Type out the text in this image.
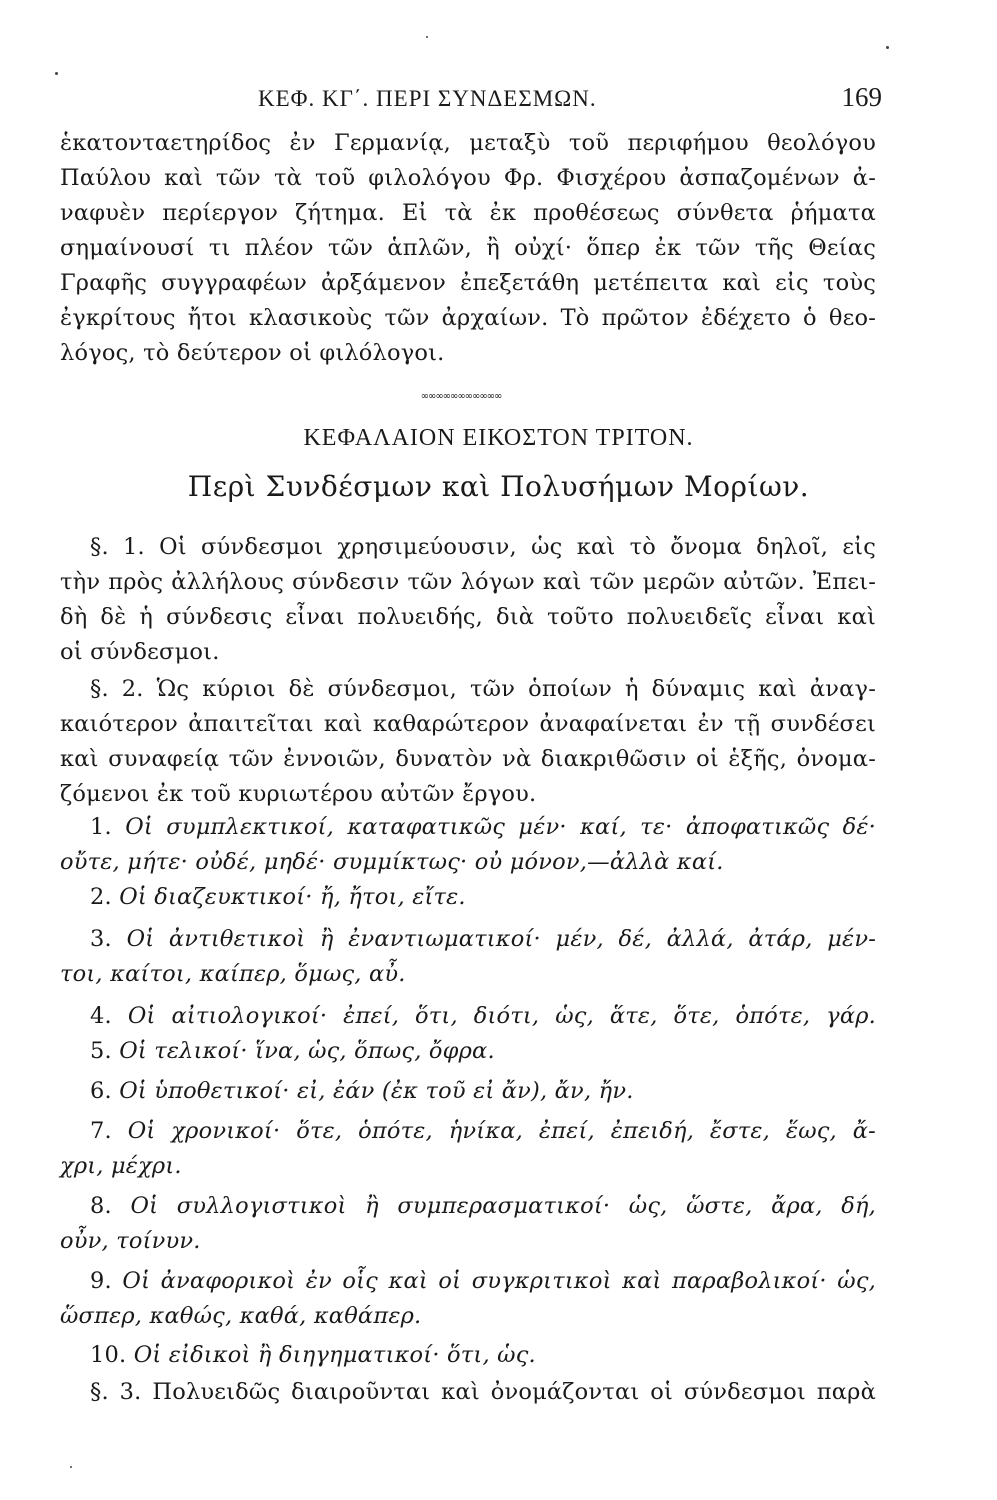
ΚΕΦ. ΚΓ΄. ΠΕΡΙ ΣΥΝΔΕΣΜΩΝ.	169
ἑκατονταετηρίδος ἐν Γερμανίᾳ, μεταξὺ τοῦ περιφήμου θεολόγου
Παύλου καὶ τῶν τὰ τοῦ φιλολόγου Φρ. Φισχέρου ἀσπαζομένων ἀ-
ναφυὲν περίεργον ζήτημα. Εἰ τὰ ἐκ προθέσεως σύνθετα ῥήματα
σημαίνουσί τι πλέον τῶν ἁπλῶν, ἢ οὐχί· ὅπερ ἐκ τῶν τῆς Θείας
Γραφῆς συγγραφέων ἀρξάμενον ἐπεξετάθη μετέπειτα καὶ εἰς τοὺς
ἐγκρίτους ἤτοι κλασικοὺς τῶν ἀρχαίων. Τὸ πρῶτον ἐδέχετο ὁ θεο-
λόγος, τὸ δεύτερον οἱ φιλόλογοι.
∞∞∞∞∞∞∞∞∞∞∞
ΚΕΦΑΛΑΙΟΝ ΕΙΚΟΣΤΟΝ ΤΡΙΤΟΝ.
Περὶ Συνδέσμων καὶ Πολυσήμων Μορίων.
§. 1. Οἱ σύνδεσμοι χρησιμεύουσιν, ὡς καὶ τὸ ὄνομα δηλοῖ, εἰς
τὴν πρὸς ἀλλήλους σύνδεσιν τῶν λόγων καὶ τῶν μερῶν αὐτῶν. Ἐπει-
δὴ δὲ ἡ σύνδεσις εἶναι πολυειδής, διὰ τοῦτο πολυειδεῖς εἶναι καὶ
οἱ σύνδεσμοι.
§. 2. Ὡς κύριοι δὲ σύνδεσμοι, τῶν ὁποίων ἡ δύναμις καὶ ἀναγ-
καιότερον ἀπαιτεῖται καὶ καθαρώτερον ἀναφαίνεται ἐν τῇ συνδέσει
καὶ συναφείᾳ τῶν ἐννοιῶν, δυνατὸν νὰ διακριθῶσιν οἱ ἑξῆς, ὀνομα-
ζόμενοι ἐκ τοῦ κυριωτέρου αὐτῶν ἔργου.
1. Οἱ συμπλεκτικοί, καταφατικῶς μέν· καί, τε· ἀποφατικῶς δέ·
οὔτε, μήτε· οὐδέ, μηδέ· συμμίκτως· οὐ μόνον,—ἀλλὰ καί.
2. Οἱ διαζευκτικοί· ἤ, ἤτοι, εἴτε.
3. Οἱ ἀντιθετικοὶ ἢ ἐναντιωματικοί· μέν, δέ, ἀλλά, ἀτάρ, μέν-
τοι, καίτοι, καίπερ, ὅμως, αὖ.
4. Οἱ αἰτιολογικοί· ἐπεί, ὅτι, διότι, ὡς, ἅτε, ὅτε, ὁπότε, γάρ.
5. Οἱ τελικοί· ἵνα, ὡς, ὅπως, ὄφρα.
6. Οἱ ὑποθετικοί· εἰ, ἐάν (ἐκ τοῦ εἰ ἄν), ἄν, ἤν.
7. Οἱ χρονικοί· ὅτε, ὁπότε, ἡνίκα, ἐπεί, ἐπειδή, ἔστε, ἕως, ἄ-
χρι, μέχρι.
8. Οἱ συλλογιστικοὶ ἢ συμπερασματικοί· ὡς, ὥστε, ἄρα, δή,
οὖν, τοίνυν.
9. Οἱ ἀναφορικοὶ ἐν οἷς καὶ οἱ συγκριτικοὶ καὶ παραβολικοί· ὡς,
ὥσπερ, καθώς, καθά, καθάπερ.
10. Οἱ εἰδικοὶ ἢ διηγηματικοί· ὅτι, ὡς.
§. 3. Πολυειδῶς διαιροῦνται καὶ ὀνομάζονται οἱ σύνδεσμοι παρὰ
